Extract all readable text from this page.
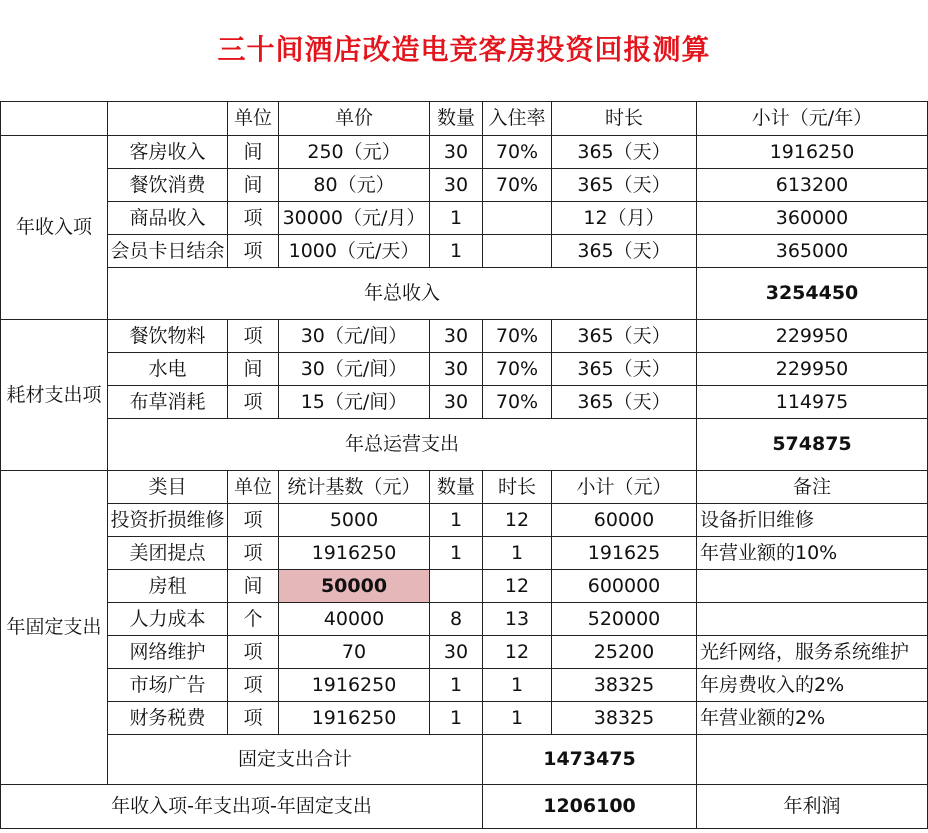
三十间酒店改造电竞客房投资回报测算
		单位	单价	数量	入住率	时长	小计（元/年）
年收入项	客房收入	间	250（元）	30	70%	365（天）	1916250
	餐饮消费	间	80（元）	30	70%	365（天）	613200
	商品收入	项	30000（元/月）	1		12（月）	360000
	会员卡日结余	项	1000（元/天）	1		365（天）	365000
	年总收入						3254450
耗材支出项	餐饮物料	项	30（元/间）	30	70%	365（天）	229950
	水电	间	30（元/间）	30	70%	365（天）	229950
	布草消耗	项	15（元/间）	30	70%	365（天）	114975
	年总运营支出						574875
年固定支出	类目	单位	统计基数（元）	数量	时长	小计（元）	备注
	投资折损维修	项	5000	1	12	60000	设备折旧维修
	美团提点	项	1916250	1	1	191625	年营业额的10%
	房租	间	50000		12	600000	
	人力成本	个	40000	8	13	520000	
	网络维护	项	70	30	12	25200	光纤网络，服务系统维护
	市场广告	项	1916250	1	1	38325	年房费收入的2%
	财务税费	项	1916250	1	1	38325	年营业额的2%
	固定支出合计				1473475		
年收入项-年支出项-年固定支出					1206100		年利润
